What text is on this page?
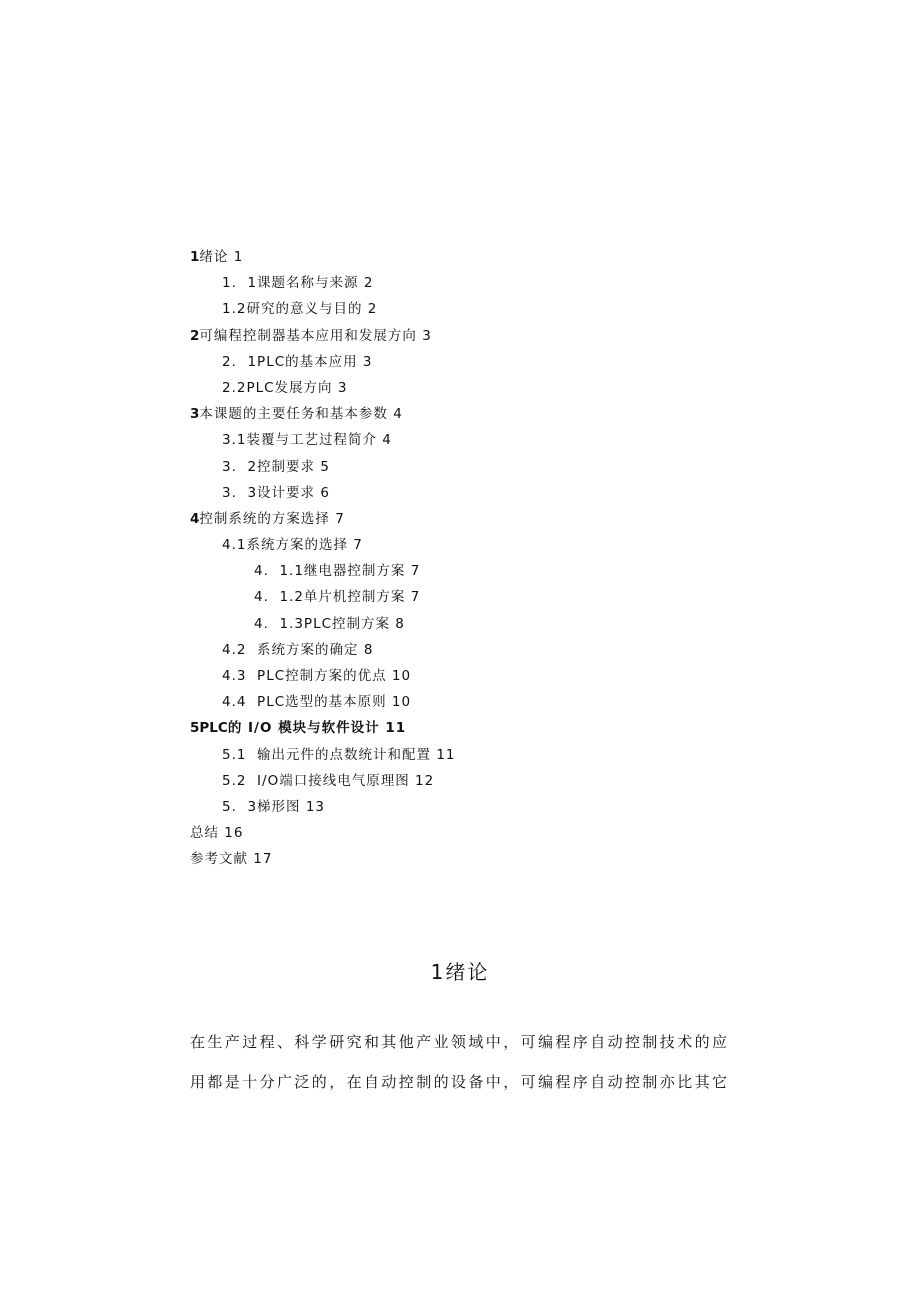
1绪论 1
1.  1课题名称与来源 2
1.2研究的意义与目的 2
2可编程控制器基本应用和发展方向 3
2.  1PLC的基本应用 3
2.2PLC发展方向 3
3本课题的主要任务和基本参数 4
3.1装覆与工艺过程简介 4
3.  2控制要求 5
3.  3设计要求 6
4控制系统的方案选择 7
4.1系统方案的选择 7
4.  1.1继电器控制方案 7
4.  1.2单片机控制方案 7
4.  1.3PLC控制方案 8
4.2  系统方案的确定 8
4.3  PLC控制方案的优点 10
4.4  PLC选型的基本原则 10
5PLC的 I/O 模块与软件设计 11
5.1  输出元件的点数统计和配置 11
5.2  I/O端口接线电气原理图 12
5.  3梯形图 13
总结 16
参考文献 17
1绪论
在生产过程、科学研究和其他产业领域中，可编程序自动控制技术的应
用都是十分广泛的，在自动控制的设备中，可编程序自动控制亦比其它
